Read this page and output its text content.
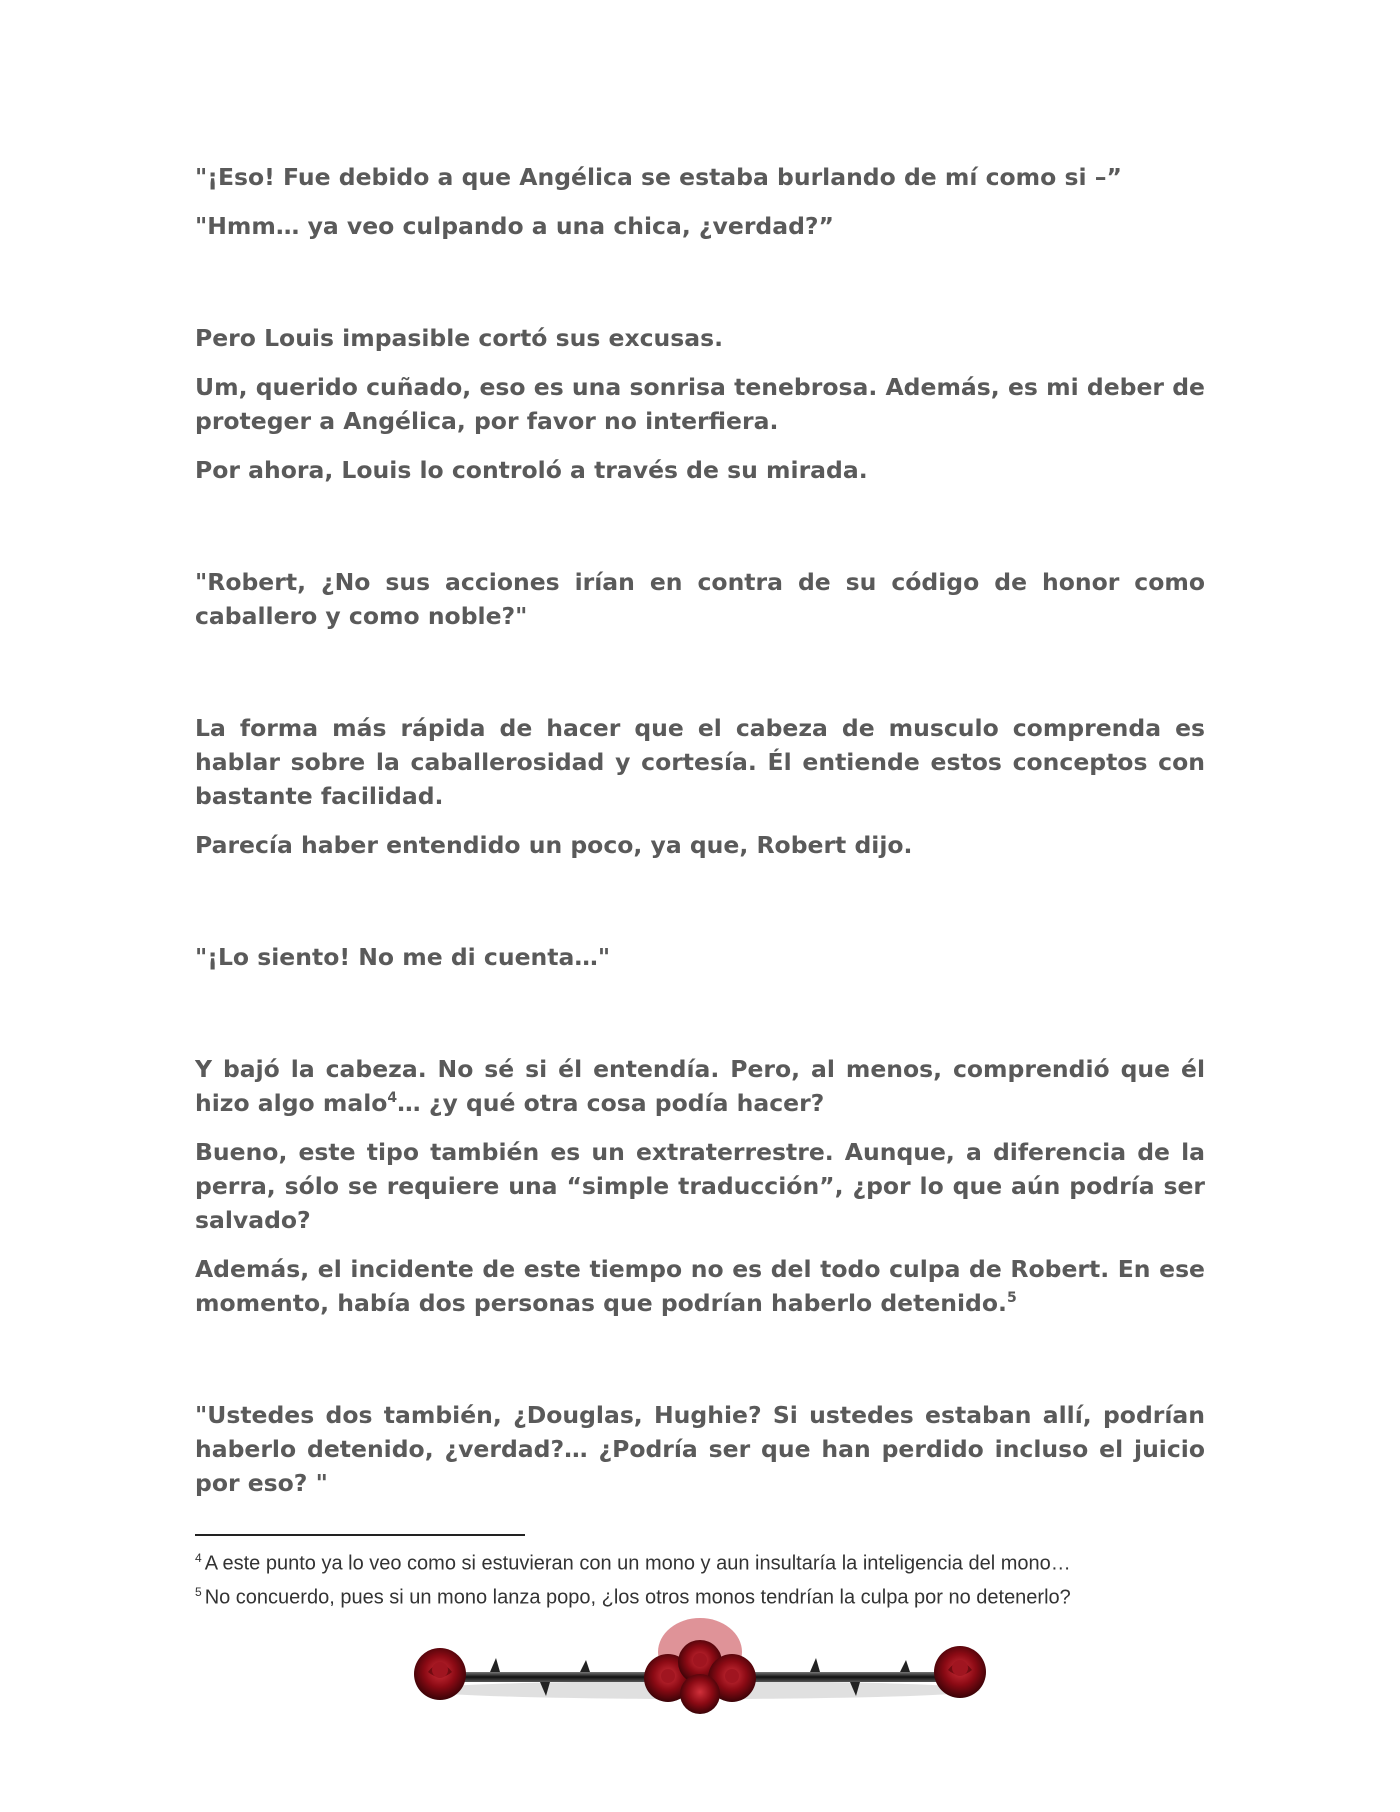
"¡Eso! Fue debido a que Angélica se estaba burlando de mí como si –”

"Hmm… ya veo culpando a una chica, ¿verdad?”

Pero Louis impasible cortó sus excusas.

Um, querido cuñado, eso es una sonrisa tenebrosa. Además, es mi deber de proteger a Angélica, por favor no interfiera.

Por ahora, Louis lo controló a través de su mirada.

"Robert, ¿No sus acciones irían en contra de su código de honor como caballero y como noble?"

La forma más rápida de hacer que el cabeza de musculo comprenda es hablar sobre la caballerosidad y cortesía. Él entiende estos conceptos con bastante facilidad.

Parecía haber entendido un poco, ya que, Robert dijo.

"¡Lo siento! No me di cuenta…"

Y bajó la cabeza. No sé si él entendía. Pero, al menos, comprendió que él hizo algo malo$^4$… ¿y qué otra cosa podía hacer?

Bueno, este tipo también es un extraterrestre. Aunque, a diferencia de la perra, sólo se requiere una “simple traducción”, ¿por lo que aún podría ser salvado?

Además, el incidente de este tiempo no es del todo culpa de Robert. En ese momento, había dos personas que podrían haberlo detenido.$^5$

"Ustedes dos también, ¿Douglas, Hughie? Si ustedes estaban allí, podrían haberlo detenido, ¿verdad?… ¿Podría ser que han perdido incluso el juicio por eso? "

$^4$ A este punto ya lo veo como si estuvieran con un mono y aun insultaría la inteligencia del mono…

$^5$ No concuerdo, pues si un mono lanza popo, ¿los otros monos tendrían la culpa por no detenerlo?
